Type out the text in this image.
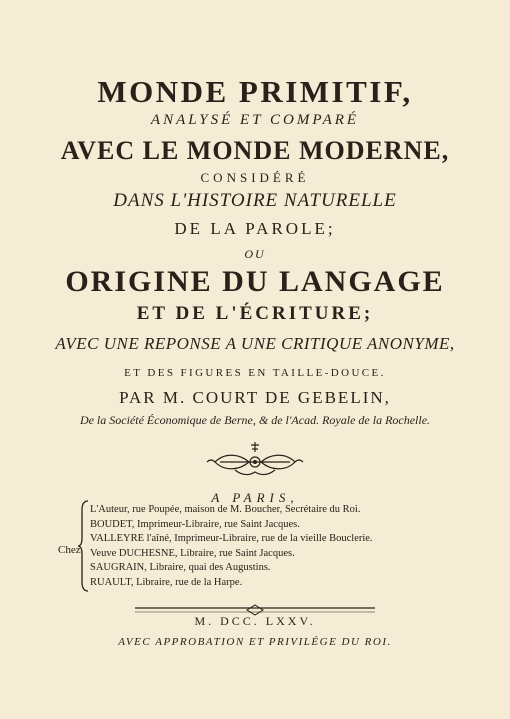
MONDE PRIMITIF,
ANALYSÉ ET COMPARÉ
AVEC LE MONDE MODERNE,
CONSIDÉRÉ
DANS L'HISTOIRE NATURELLE
DE LA PAROLE;
OU
ORIGINE DU LANGAGE
ET DE L'ÉCRITURE;
AVEC UNE REPONSE A UNE CRITIQUE ANONYME,
ET DES FIGURES EN TAILLE-DOUCE.
PAR M. COURT DE GEBELIN,
De la Société Économique de Berne, & de l'Acad. Royale de la Rochelle.
A PARIS,
Chez
L'Auteur, rue Poupée, maison de M. Boucher, Secrétaire du Roi.
BOUDET, Imprimeur-Libraire, rue Saint Jacques.
VALLEYRE l'aîné, Imprimeur-Libraire, rue de la vieille Bouclerie.
Veuve DUCHESNE, Libraire, rue Saint Jacques.
SAUGRAIN, Libraire, quai des Augustins.
RUAULT, Libraire, rue de la Harpe.
M. DCC. LXXV.
AVEC APPROBATION ET PRIVILÉGE DU ROI.
